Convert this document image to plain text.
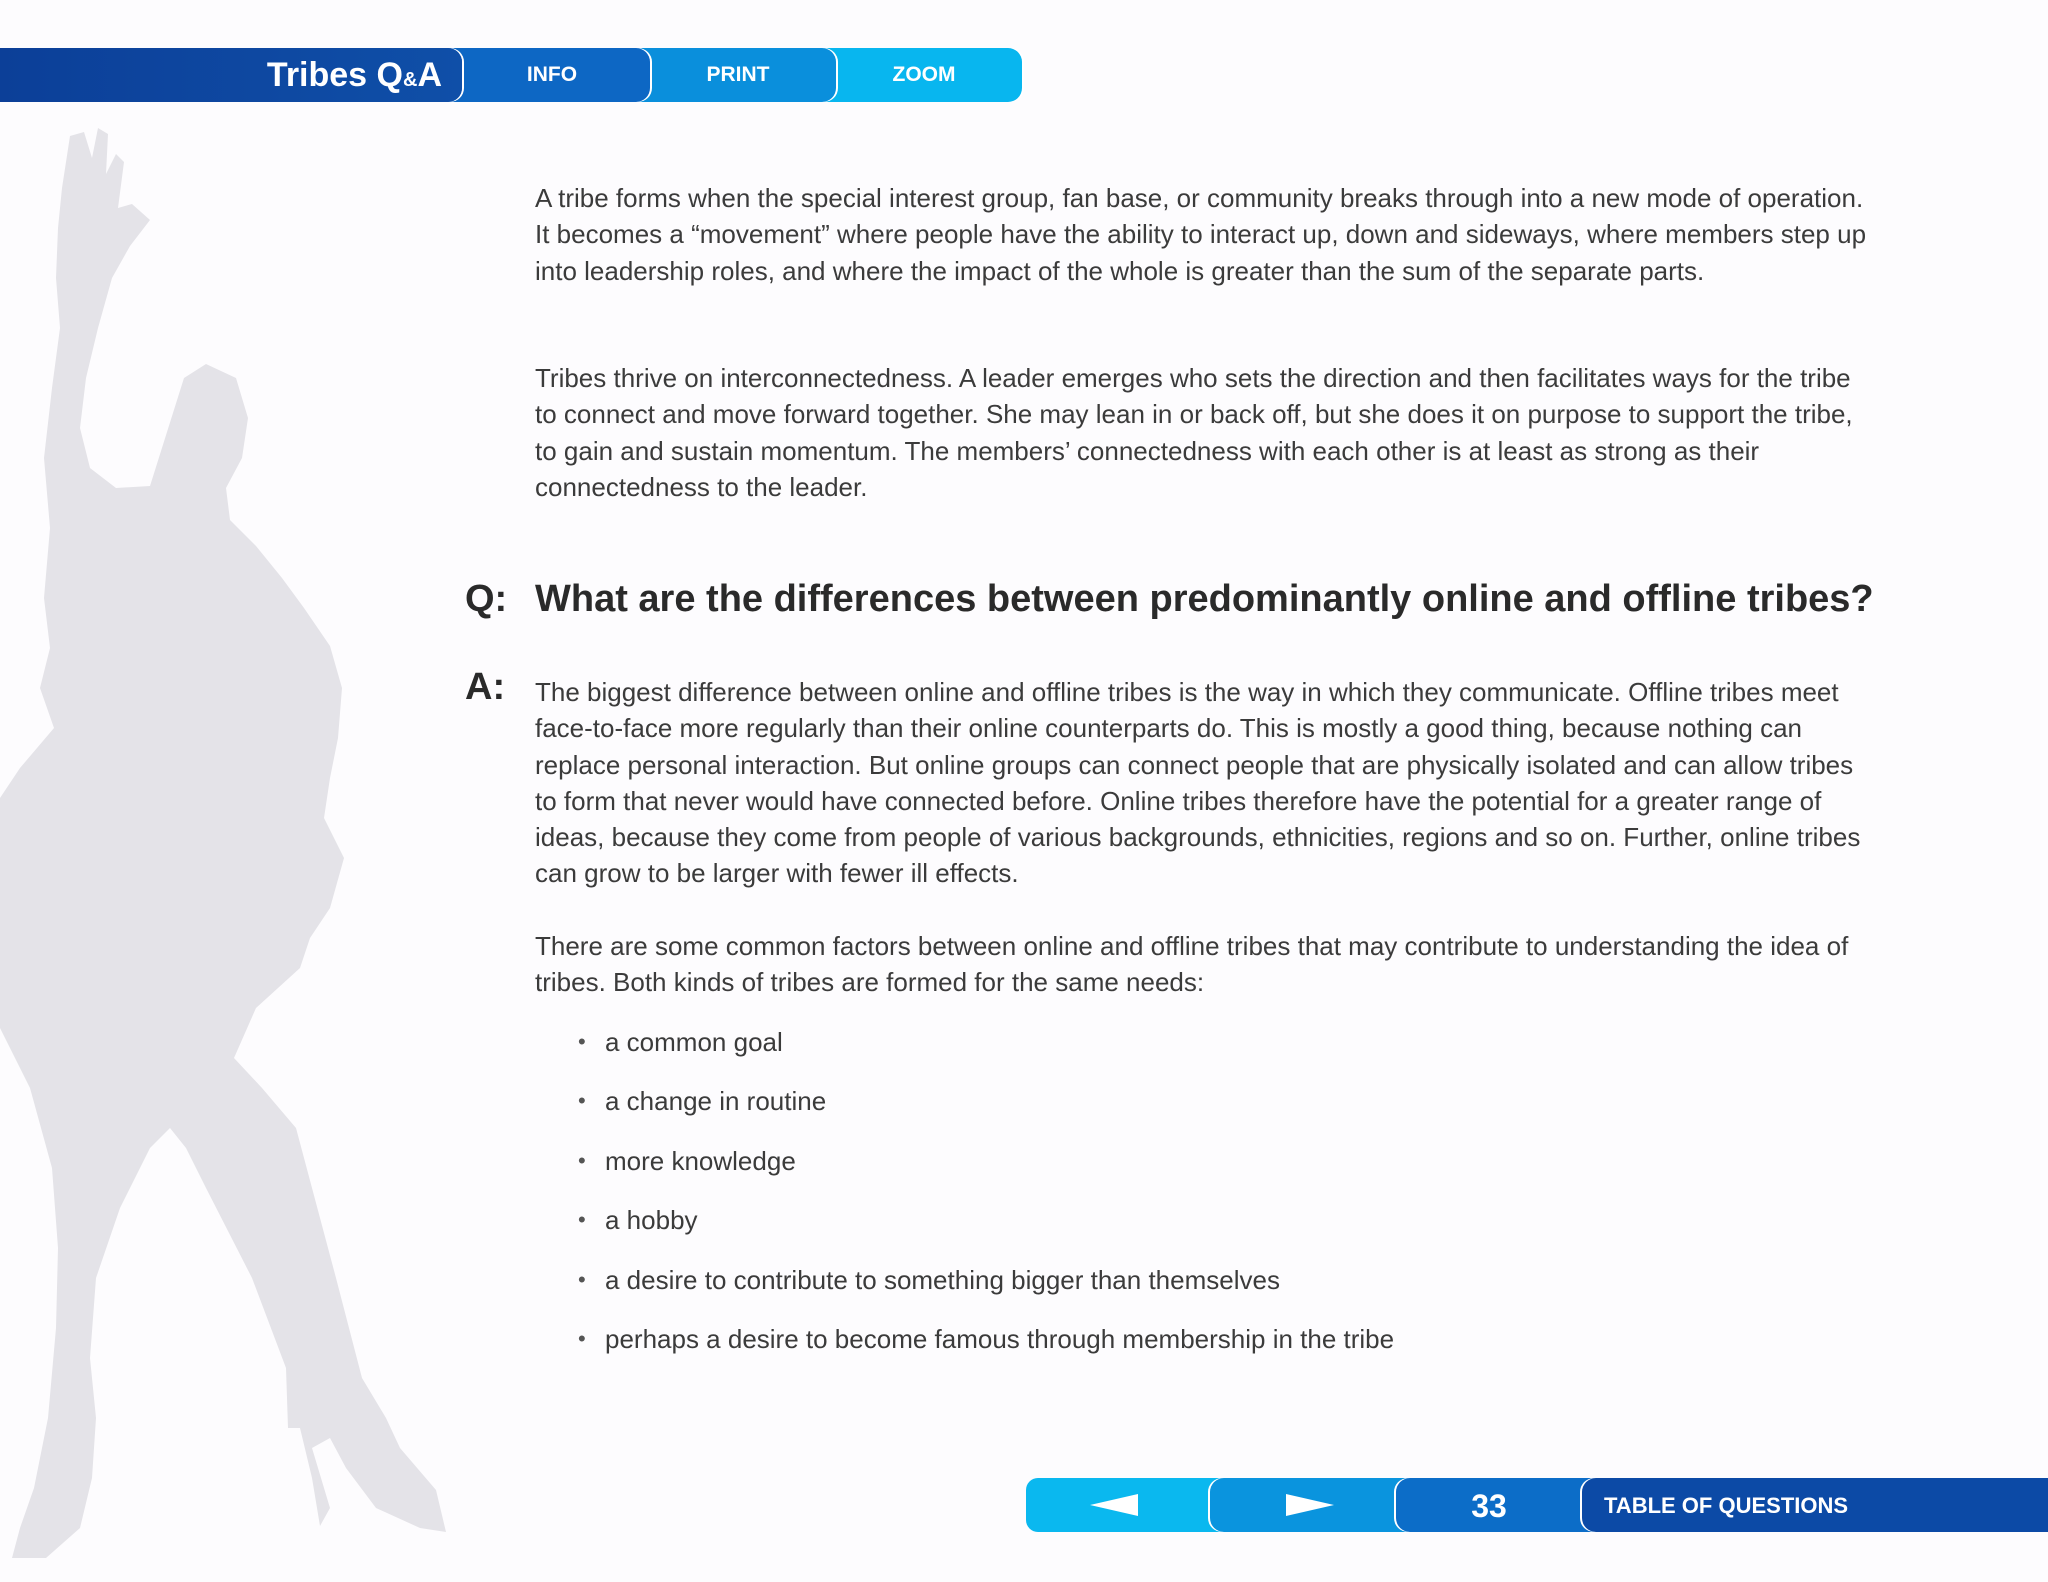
Tribes Q&A	INFO	PRINT	ZOOM

A tribe forms when the special interest group, fan base, or community breaks through into a new mode of operation. It becomes a “movement” where people have the ability to interact up, down and sideways, where members step up into leadership roles, and where the impact of the whole is greater than the sum of the separate parts.

Tribes thrive on interconnectedness. A leader emerges who sets the direction and then facilitates ways for the tribe to connect and move forward together. She may lean in or back off, but she does it on purpose to support the tribe, to gain and sustain momentum. The members’ connectedness with each other is at least as strong as their connectedness to the leader.

Q: What are the differences between predominantly online and offline tribes?
A: The biggest difference between online and offline tribes is the way in which they communicate. Offline tribes meet face-to-face more regularly than their online counterparts do. This is mostly a good thing, because nothing can replace personal interaction. But online groups can connect people that are physically isolated and can allow tribes to form that never would have connected before. Online tribes therefore have the potential for a greater range of ideas, because they come from people of various backgrounds, ethnicities, regions and so on. Further, online tribes can grow to be larger with fewer ill effects.

There are some common factors between online and offline tribes that may contribute to understanding the idea of tribes. Both kinds of tribes are formed for the same needs:

• a common goal
• a change in routine
• more knowledge
• a hobby
• a desire to contribute to something bigger than themselves
• perhaps a desire to become famous through membership in the tribe
33	TABLE OF QUESTIONS
